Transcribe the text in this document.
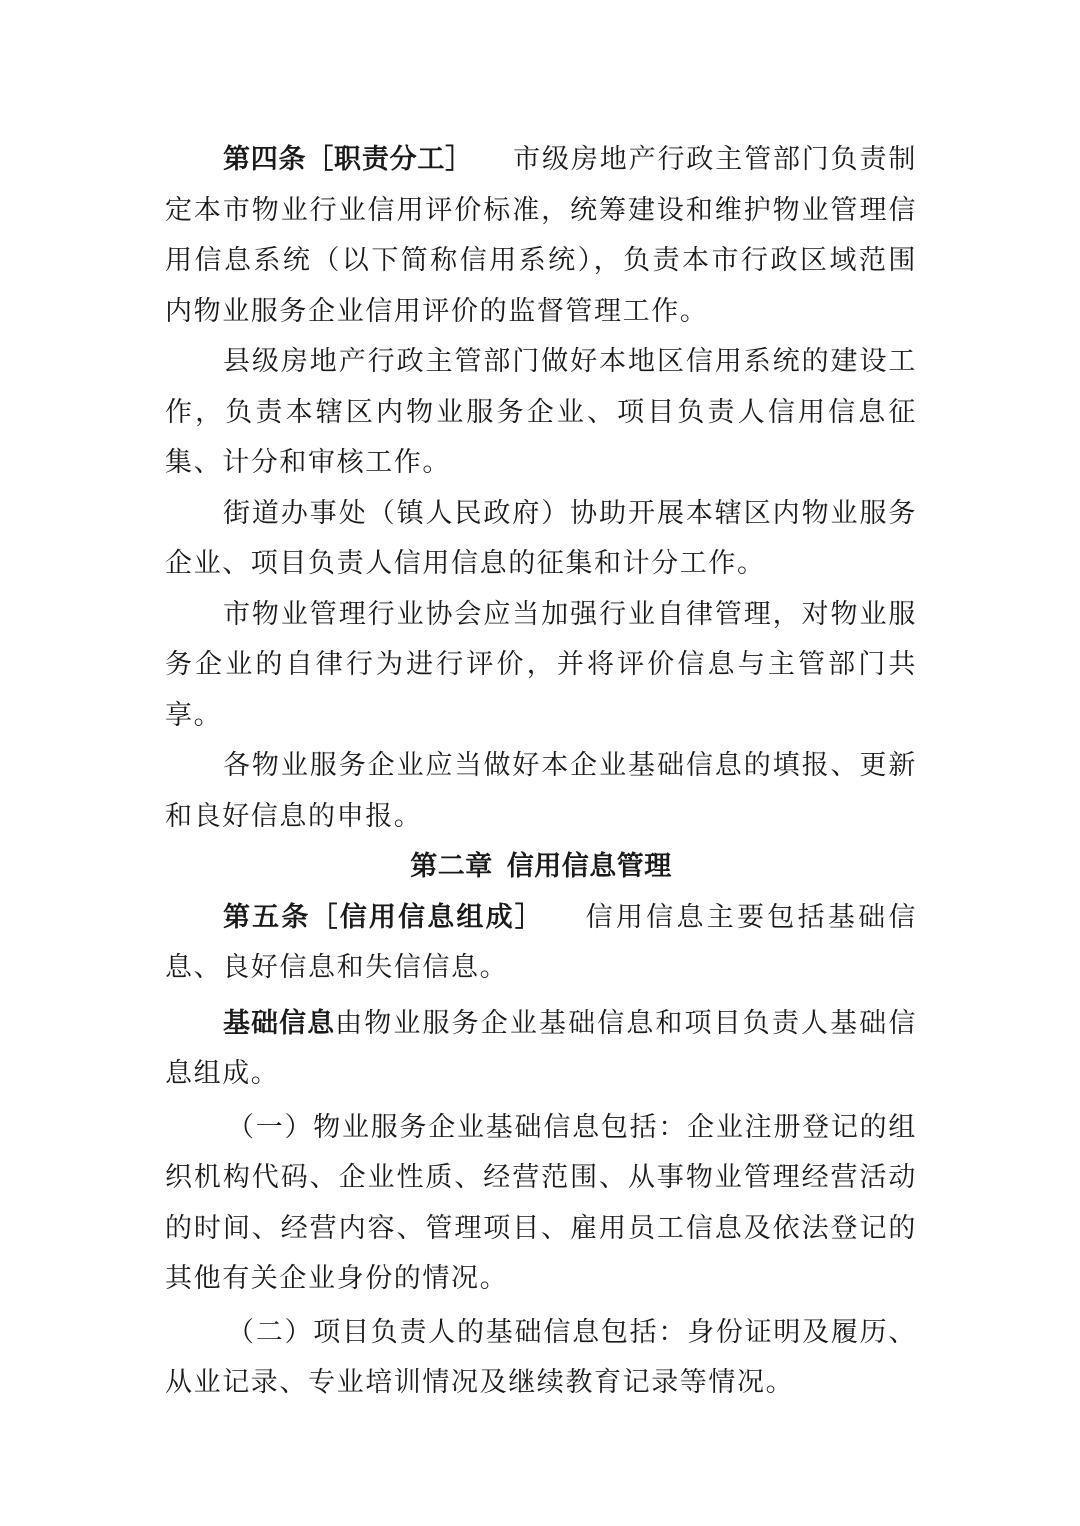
第四条［职责分工］ 市级房地产行政主管部门负责制定本市物业行业信用评价标准，统筹建设和维护物业管理信用信息系统（以下简称信用系统），负责本市行政区域范围内物业服务企业信用评价的监督管理工作。

县级房地产行政主管部门做好本地区信用系统的建设工作，负责本辖区内物业服务企业、项目负责人信用信息征集、计分和审核工作。

街道办事处（镇人民政府）协助开展本辖区内物业服务企业、项目负责人信用信息的征集和计分工作。

市物业管理行业协会应当加强行业自律管理，对物业服务企业的自律行为进行评价，并将评价信息与主管部门共享。

各物业服务企业应当做好本企业基础信息的填报、更新和良好信息的申报。

第二章 信用信息管理

第五条［信用信息组成］ 信用信息主要包括基础信息、良好信息和失信信息。

基础信息由物业服务企业基础信息和项目负责人基础信息组成。

（一）物业服务企业基础信息包括：企业注册登记的组织机构代码、企业性质、经营范围、从事物业管理经营活动的时间、经营内容、管理项目、雇用员工信息及依法登记的其他有关企业身份的情况。

（二）项目负责人的基础信息包括：身份证明及履历、从业记录、专业培训情况及继续教育记录等情况。
